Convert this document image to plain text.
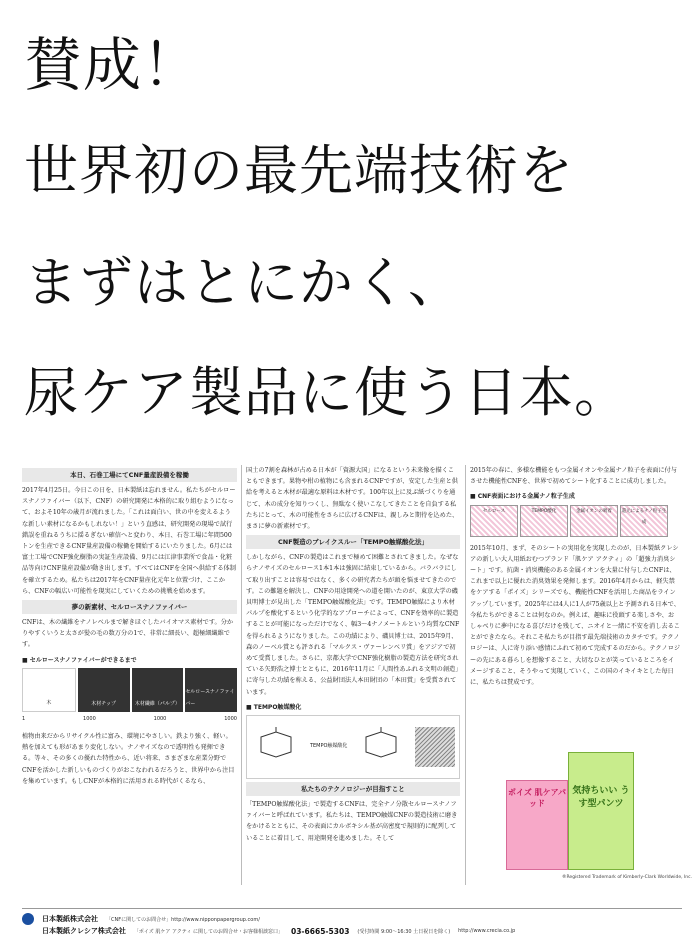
賛成！
世界初の最先端技術を
まずはとにかく、
尿ケア製品に使う日本。
本日、石巻工場にてCNF量産設備を稼働

2017年4月25日。今日この日を、日本製紙は忘れません。私たちがセルロースナノファイバー（以下、CNF）の研究開発に本格的に取り組むようになって、およそ10年の歳月が流れました。「これは面白い、世の中を変えるような新しい素材になるかもしれない！」という直感は、研究開発の現場で試行錯誤を重ねるうちに揺るぎない確信へと変わり、本日、石巻工場に年間500トンを生産できるCNF量産設備の稼働を開始するにいたりました。6月には富士工場でCNF強化樹脂の実証生産設備、9月には江津事業所で食品・化粧品等向けCNF量産設備が動き出します。すべてはCNFを全国へ供給する体制を確立するため。私たちは2017年をCNF量産化元年と位置づけ、ここから、CNFの幅広い可能性を現実にしていくための挑戦を始めます。

夢の新素材、セルロースナノファイバー

CNFは、木の繊維をナノレベルまで解きほぐしたバイオマス素材です。分かりやすくいうと太さが髪の毛の数万分の1で、非常に細長い、超極細繊維です。

■ セルロースナノファイバーができるまで
木	木材チップ	木材繊維（パルプ）
セルロースナノファイバー
1	1000	1000	1000

植物由来だからリサイクル性に富み、環境にやさしい。鉄より強く、軽い。熱を加えても形があまり変化しない。ナノサイズなので透明性も発揮できる。等々、その多くの優れた特性から、近い将来、さまざまな産業分野でCNFを活かした新しいものづくりがおこなわれるだろうと、世界中から注目を集めています。もしCNFが本格的に活用される時代がくるなら、

国土の7割を森林が占める日本が「資源大国」になるという未来像を描くこともできます。果物や柑の植物にも含まれるCNFですが、安定した生産と供給を考えると木材が最適な原料は木材です。100年以上に及ぶ紙づくりを通じて、木の成分を知りつくし、無駄なく使いこなしてきたことを自負する私たちにとって、木の可能性をさらに広げるCNFは、親しみと期待を込めた、まさに夢の新素材です。

CNF製造のブレイクスルー「TEMPO触媒酸化法」

しかしながら、CNFの製造はこれまで極めて困難とされてきました。なぜならナノサイズのセルロース1本1本は強固に結束しているから。バラバラにして取り出すことは容易ではなく、多くの研究者たちが頭を悩ませてきたのです。この難題を解決し、CNFの用途開発への道を開いたのが、東京大学の磯貝明博士が見出した「TEMPO触媒酸化法」です。TEMPO触媒により木材パルプを酸化するという化学的なアプローチによって、CNFを効率的に製造することが可能になっただけでなく、幅3〜4ナノメートルという均質なCNFを得られるようになりました。この功績により、磯貝博士は、2015年9月、森のノーベル賞とも評される「マルクス・ヴァーレンベリ賞」をアジアで初めて受賞しました。さらに、京都大学でCNF強化樹脂の製造方法を研究されている矢野浩之博士とともに、2016年11月に「人間性あふれる文明の創造」に寄与した功績を称える、公益財団法人本田財団の「本田賞」を受賞されています。

■ TEMPO触媒酸化
TEMPO触媒酸化
私たちのテクノロジーが目指すこと

「TEMPO触媒酸化法」で製造するCNFは、完全ナノ分散セルロースナノファイバーと呼ばれています。私たちは、TEMPO触媒CNFの製造技術に磨きをかけるとともに、その表面にカルボキシル基が高密度で規則的に配列していることに着目して、用途開発を進めました。そして

2015年の春に、多様な機能をもつ金属イオンや金属ナノ粒子を表面に付与させた機能性CNFを、世界で初めてシート化することに成功しました。

■ CNF表面における金属ナノ粒子生成
セルロース	TEMPO酸化	金属イオンの吸着	還元によるナノ粒子生成

2015年10月、まず、そのシートの実用化を実現したのが、日本製紙クレシアの新しい大人用紙おむつブランド「肌ケア アクティ」の「超強力消臭シート」です。抗菌・消臭機能のある金属イオンを大量に付与したCNFは、これまで以上に優れた消臭効果を発揮します。2016年4月からは、軽失禁をケアする「ポイズ」シリーズでも、機能性CNFを活用した商品をラインアップしています。2025年には4人に1人が75歳以上と予測される日本で、今私たちができることは何なのか。例えば、趣味に役頭する楽しさや、おしゃべりに夢中になる喜びだけを残して、ニオイと一緒に不安を消し去ることができたなら。それこそ私たちが目指す最先端技術のカタチです。テクノロジーは、人に寄り添い感情にふれて初めて完成するのだから。テクノロジーの先にある暮らしを想像すること、大切なひとが笑っているところをイメージすること、そうやって実現していく、この国のイキイキとした毎日に、私たちは賛成です。

ポイズ 肌ケアパッド
気持ちいい うす型パンツ
®Registered Trademark of Kimberly-Clark Worldwide, Inc.
日本製紙株式会社 「CNFに関してのお問合せ」http://www.nipponpapergroup.com/
日本製紙クレシア株式会社 「ポイズ 肌ケア アクティ に関してのお問合せ・お客様相談窓口」 03-6665-5303 (受付時間 9:00〜16:30 土日祝日を除く) http://www.crecia.co.jp
